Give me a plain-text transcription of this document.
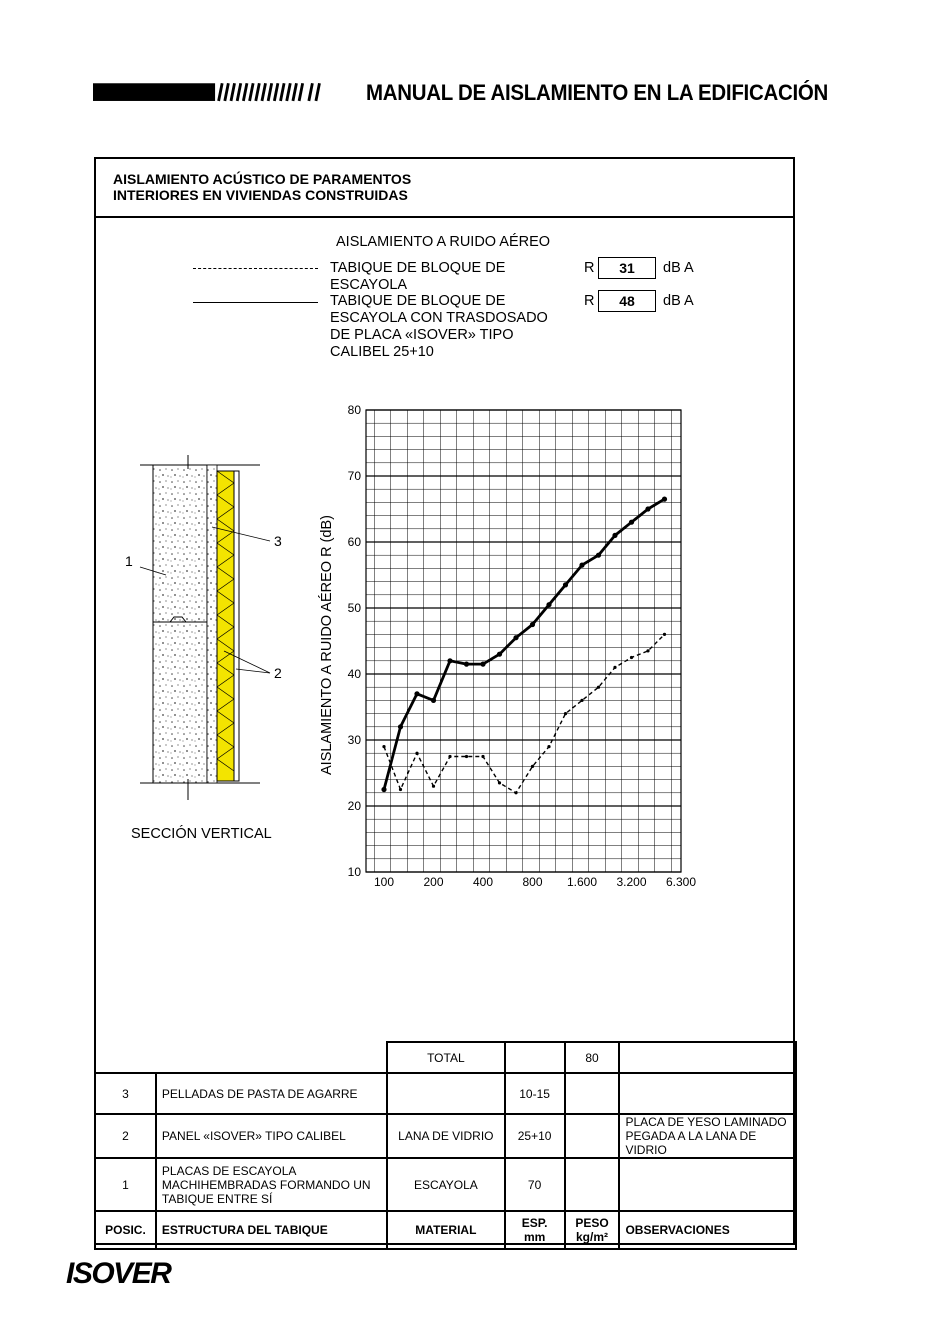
MANUAL DE AISLAMIENTO EN LA EDIFICACIÓN
AISLAMIENTO ACÚSTICO DE PARAMENTOS
INTERIORES EN VIVIENDAS CONSTRUIDAS
AISLAMIENTO A RUIDO AÉREO
TABIQUE DE BLOQUE DE ESCAYOLA
R	31	dB A
TABIQUE DE BLOQUE DE ESCAYOLA CON TRASDOSADO DE PLACA «ISOVER» TIPO CALIBEL 25+10
R	48	dB A
1
2
3
SECCIÓN VERTICAL
10
20
30
40
50
60
70
80
100 200 400 800 1.600 3.200 6.300
AISLAMIENTO A RUIDO AÉREO R (dB)
		TOTAL		80	
3	PELLADAS DE PASTA DE AGARRE		10-15		
2	PANEL «ISOVER» TIPO CALIBEL	LANA DE VIDRIO	25+10		PLACA DE YESO LAMINADO PEGADA A LA LANA DE VIDRIO
1	PLACAS DE ESCAYOLA MACHIHEMBRADAS FORMANDO UN TABIQUE ENTRE SÍ	ESCAYOLA	70		
POSIC.	ESTRUCTURA DEL TABIQUE	MATERIAL	ESP. mm	PESO kg/m²	OBSERVACIONES
ISOVER
